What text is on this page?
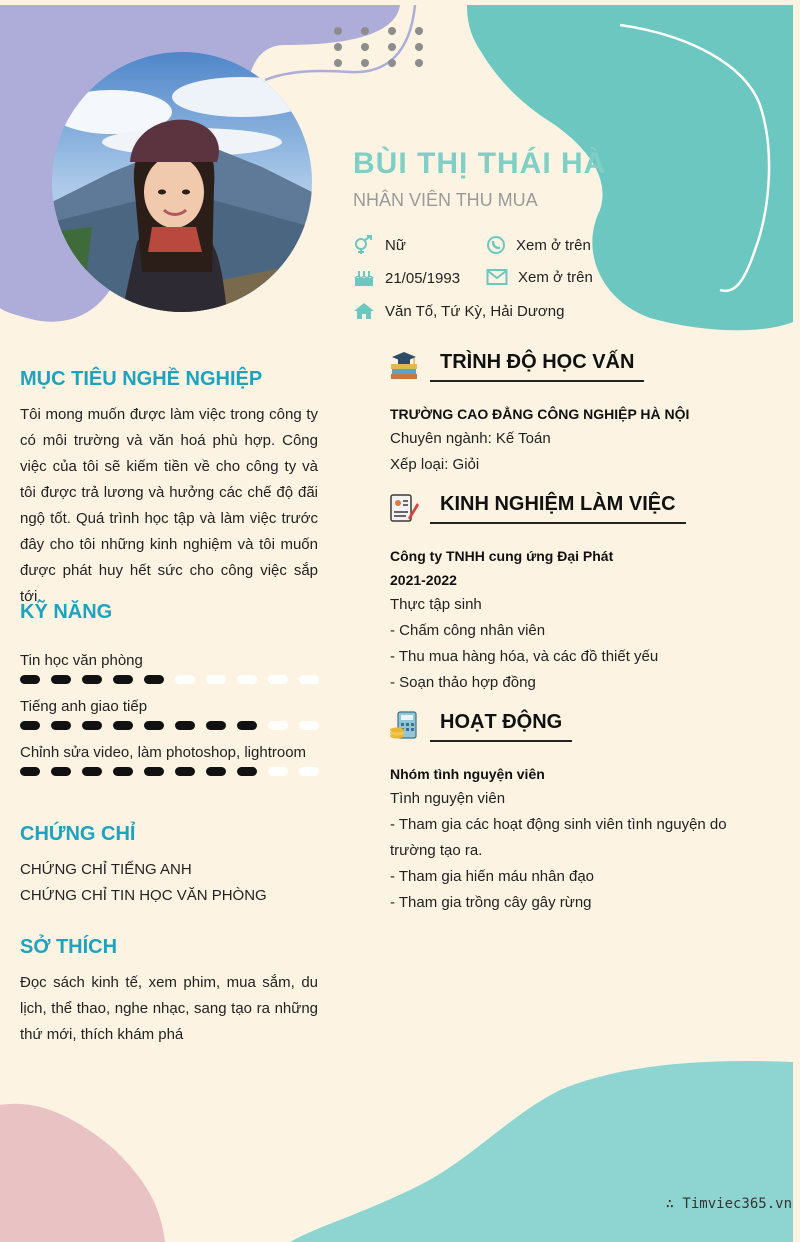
BÙI THỊ THÁI HÀ
NHÂN VIÊN THU MUA
Nữ	Xem ở trên
21/05/1993	Xem ở trên
Văn Tố, Tứ Kỳ, Hải Dương
MỤC TIÊU NGHỀ NGHIỆP
Tôi mong muốn được làm việc trong công ty có môi trường và văn hoá phù hợp. Công việc của tôi sẽ kiếm tiền về cho công ty và tôi được trả lương và hưởng các chế độ đãi ngộ tốt. Quá trình học tập và làm việc trước đây cho tôi những kinh nghiệm và tôi muốn được phát huy hết sức cho công việc sắp tới.
KỸ NĂNG
Tin học văn phòng
Tiếng anh giao tiếp
Chỉnh sửa video, làm photoshop, lightroom
CHỨNG CHỈ
CHỨNG CHỈ TIẾNG ANH
CHỨNG CHỈ TIN HỌC VĂN PHÒNG
SỞ THÍCH
Đọc sách kinh tế, xem phim, mua sắm, du lịch, thể thao, nghe nhạc, sang tạo ra những thứ mới, thích khám phá
TRÌNH ĐỘ HỌC VẤN
TRƯỜNG CAO ĐẲNG CÔNG NGHIỆP HÀ NỘI
Chuyên ngành: Kế Toán
Xếp loại: Giỏi
KINH NGHIỆM LÀM VIỆC
Công ty TNHH cung ứng Đại Phát
2021-2022
Thực tập sinh
- Chấm công nhân viên
- Thu mua hàng hóa, và các đồ thiết yếu
- Soạn thảo hợp đồng
HOẠT ĐỘNG
Nhóm tình nguyện viên
Tình nguyện viên
- Tham gia các hoạt động sinh viên tình nguyện do
trường tạo ra.
- Tham gia hiến máu nhân đạo
- Tham gia trồng cây gây rừng
∴ Timviec365.vn
